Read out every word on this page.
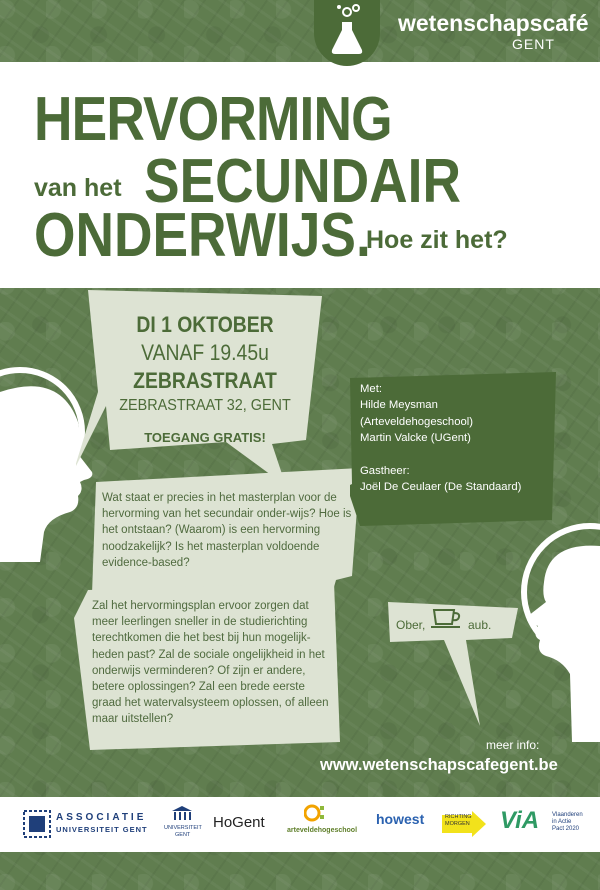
wetenschapscafé
GENT
HERVORMING
van het SECUNDAIR
ONDERWIJS.
Hoe zit het?
DI 1 OKTOBER
VANAF 19.45u
ZEBRASTRAAT
ZEBRASTRAAT 32, GENT
TOEGANG GRATIS!
Wat staat er precies in het masterplan voor de hervorming van het secundair onder-wijs? Hoe is het ontstaan? (Waarom) is een hervorming noodzakelijk? Is het masterplan voldoende evidence-based?
Zal het hervormingsplan ervoor zorgen dat meer leerlingen sneller in de studierichting terechtkomen die het best bij hun mogelijk-heden past? Zal de sociale ongelijkheid in het onderwijs verminderen? Of zijn er andere, betere oplossingen? Zal een brede eerste graad het watervalsysteem oplossen, of alleen maar uitstellen?

Met:

Hilde Meysman

(Arteveldehogeschool)

Martin Valcke (UGent)

Gastheer:

Joël De Ceulaer (De Standaard)

Ober,	aub.
meer info:
www.wetenschapscafegent.be
ASSOCIATIE
UNIVERSITEIT GENT	UNIVERSITEIT
GENT
HoGent	arteveldehogeschool
howest	RICHTING
MORGEN ViA Vlaanderen
in Actie
Pact 2020
